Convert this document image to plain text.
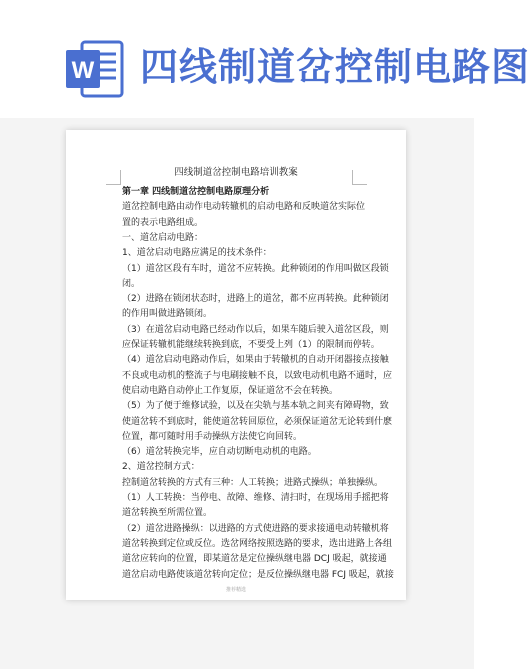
W 四线制道岔控制电路图
四线制道岔控制电路培训教案
第一章 四线制道岔控制电路原理分析
道岔控制电路由动作电动转辙机的启动电路和反映道岔实际位
置的表示电路组成。
一、道岔启动电路：
1、道岔启动电路应满足的技术条件：
（1）道岔区段有车时，道岔不应转换。此种锁闭的作用叫做区段锁
闭。
（2）进路在锁闭状态时，进路上的道岔，都不应再转换。此种锁闭
的作用叫做进路锁闭。
（3）在道岔启动电路已经动作以后，如果车随后驶入道岔区段，则
应保证转辙机能继续转换到底，不要受上列（1）的限制而停转。
（4）道岔启动电路动作后，如果由于转辙机的自动开闭器接点接触
不良或电动机的整流子与电刷接触不良，以致电动机电路不通时，应
使启动电路自动停止工作复原，保证道岔不会在转换。
（5）为了便于维修试验，以及在尖轨与基本轨之间夹有障碍物，致
使道岔转不到底时，能使道岔转回原位，必须保证道岔无论转到什麽
位置，都可随时用手动操纵方法使它向回转。
（6）道岔转换完毕，应自动切断电动机的电路。
2、道岔控制方式：
控制道岔转换的方式有三种：人工转换；进路式操纵；单独操纵。
（1）人工转换：当停电、故障、维修、清扫时，在现场用手摇把将
道岔转换至所需位置。
（2）道岔进路操纵：以进路的方式使进路的要求接通电动转辙机将
道岔转换到定位或反位。选岔网络按照选路的要求，选出进路上各组
道岔应转向的位置，即某道岔是定位操纵继电器 DCJ 吸起，就接通
道岔启动电路使该道岔转向定位；是反位操纵继电器 FCJ 吸起，就接
推荐精选
